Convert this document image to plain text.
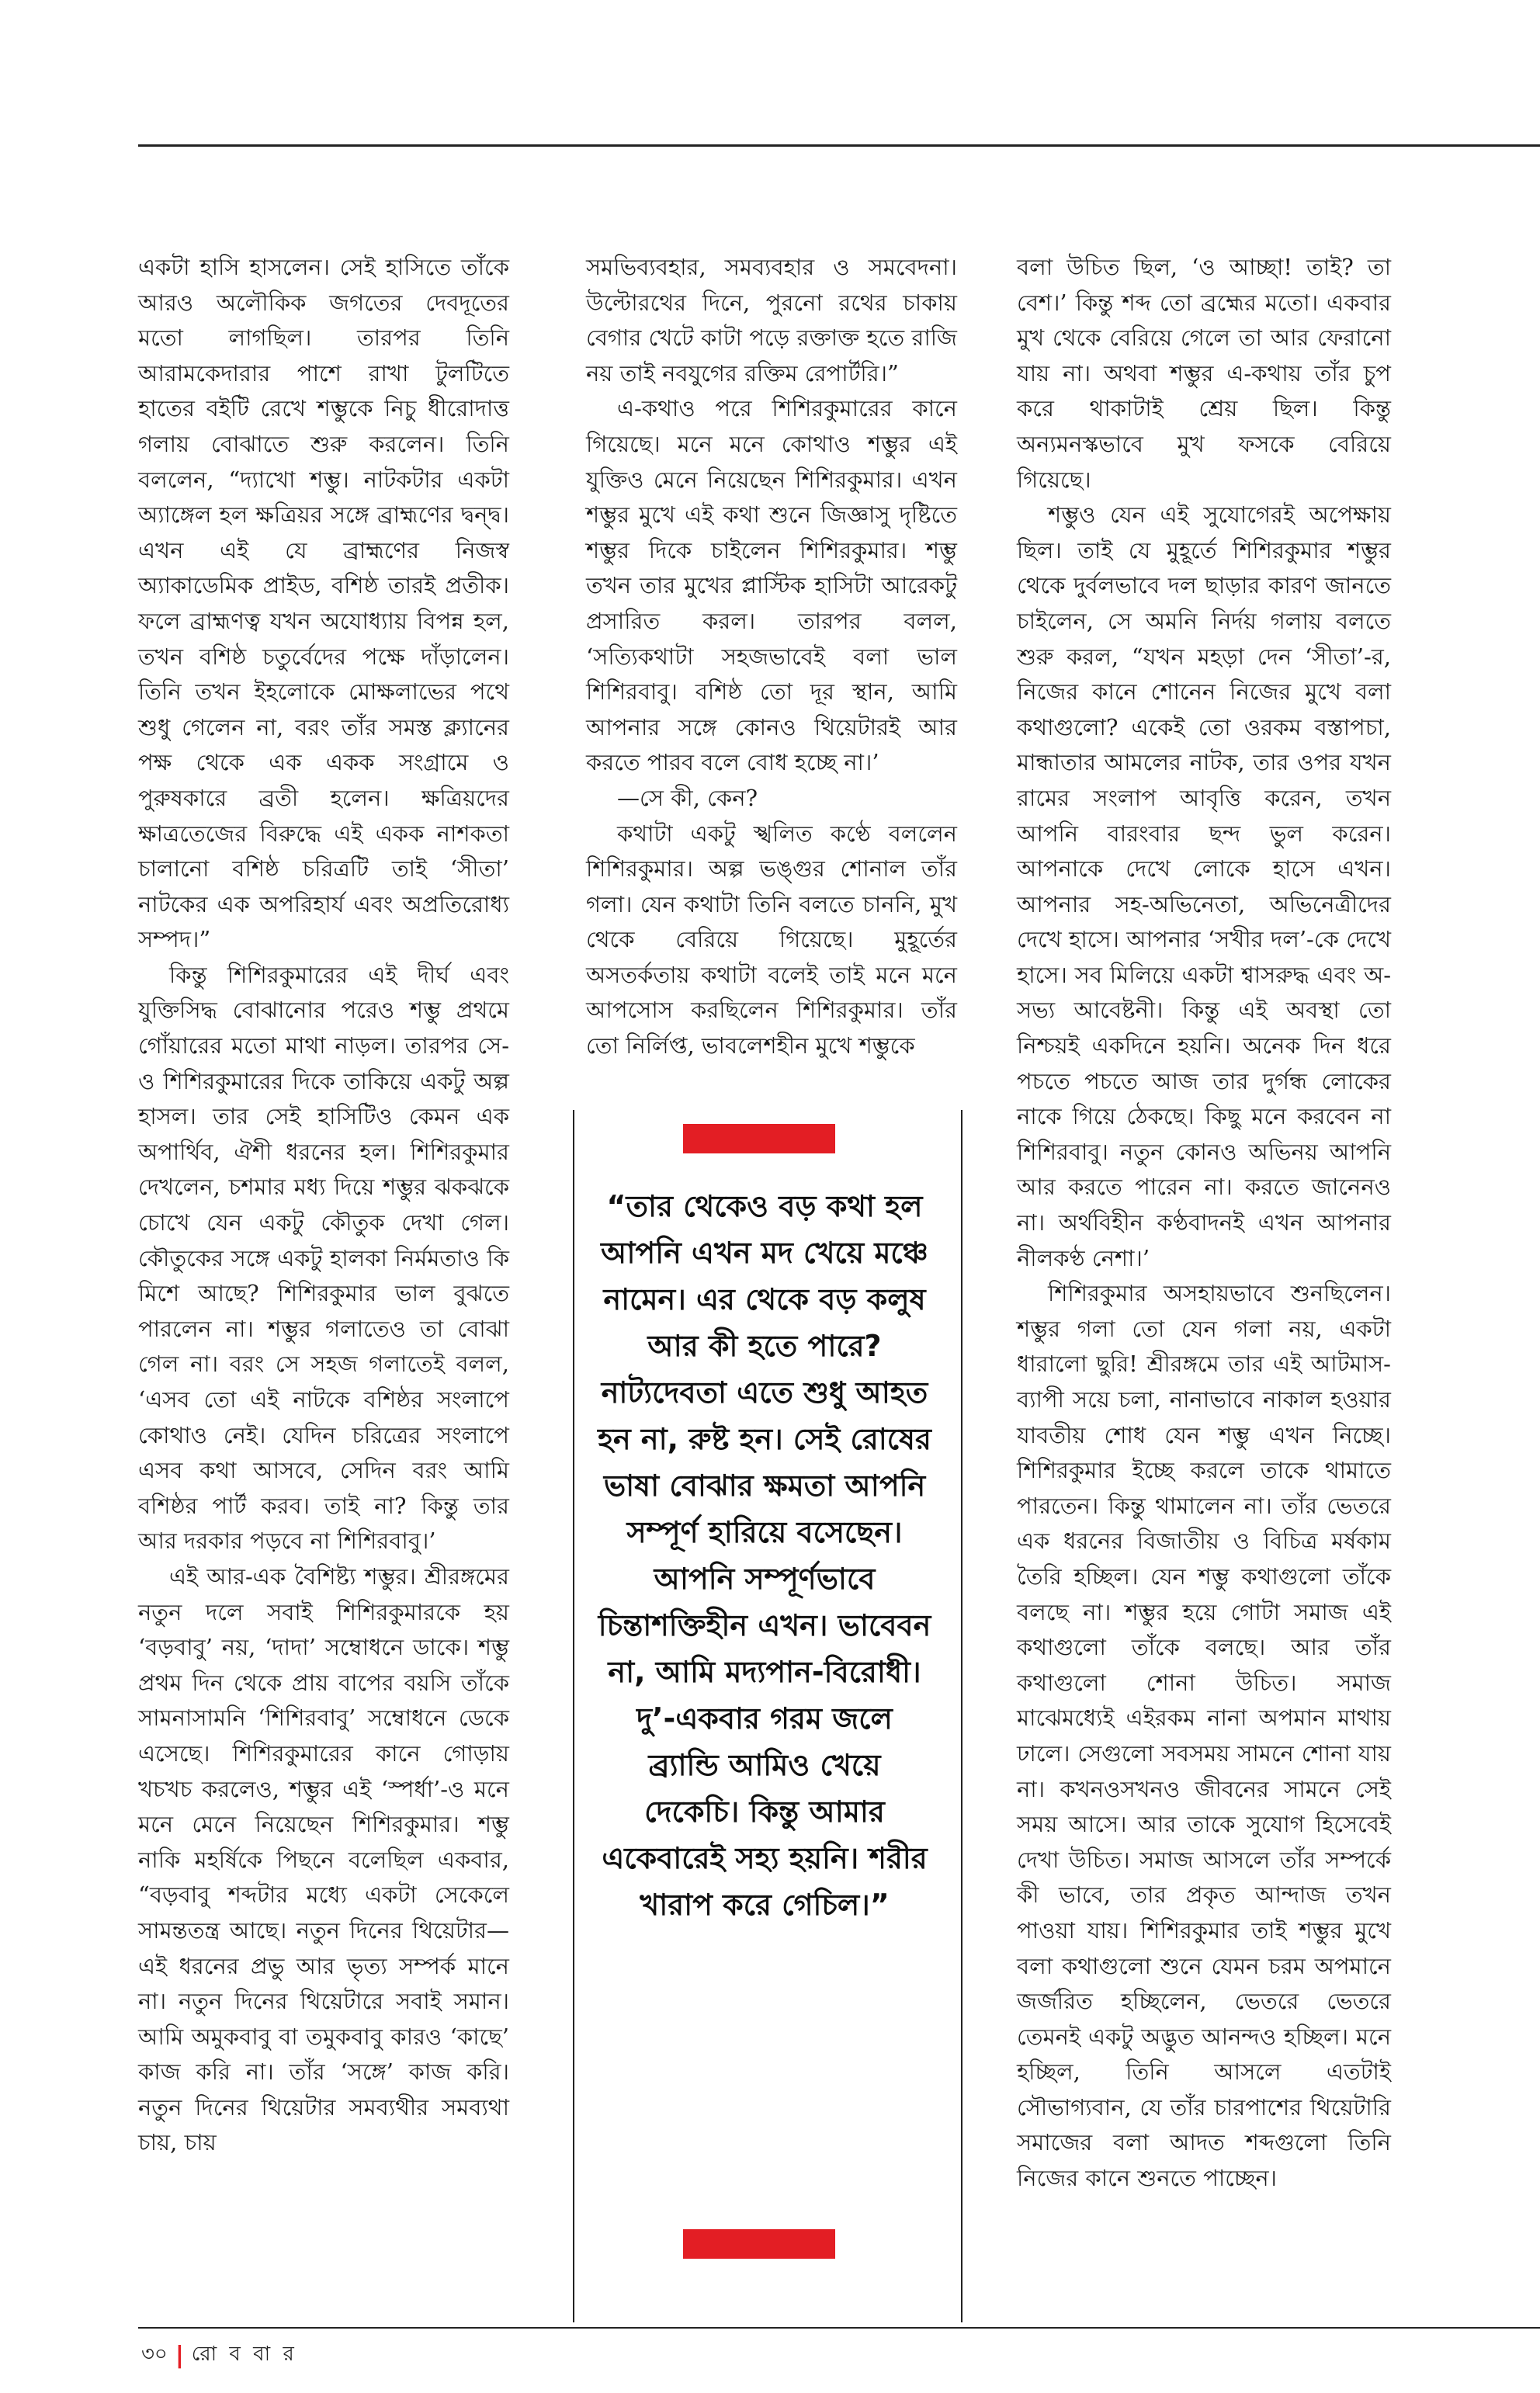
একটা হাসি হাসলেন। সেই হাসিতে তাঁকে আরও অলৌকিক জগতের দেবদূতের মতো লাগছিল। তারপর তিনি আরামকেদারার পাশে রাখা টুলটিতে হাতের বইটি রেখে শম্ভুকে নিচু ধীরোদাত্ত গলায় বোঝাতে শুরু করলেন। তিনি বললেন, “দ্যাখো শম্ভু। নাটকটার একটা অ্যাঙ্গেল হল ক্ষত্রিয়র সঙ্গে ব্রাহ্মণের দ্বন্দ্ব। এখন এই যে ব্রাহ্মণের নিজস্ব অ্যাকাডেমিক প্রাইড, বশিষ্ঠ তারই প্রতীক। ফলে ব্রাহ্মণত্ব যখন অযোধ্যায় বিপন্ন হল, তখন বশিষ্ঠ চতুর্বেদের পক্ষে দাঁড়ালেন। তিনি তখন ইহলোকে মোক্ষলাভের পথে শুধু গেলেন না, বরং তাঁর সমস্ত ক্ল্যানের পক্ষ থেকে এক একক সংগ্রামে ও পুরুষকারে ব্রতী হলেন। ক্ষত্রিয়দের ক্ষাত্রতেজের বিরুদ্ধে এই একক নাশকতা চালানো বশিষ্ঠ চরিত্রটি তাই ‘সীতা’ নাটকের এক অপরিহার্য এবং অপ্রতিরোধ্য সম্পদ।”

কিন্তু শিশিরকুমারের এই দীর্ঘ এবং যুক্তিসিদ্ধ বোঝানোর পরেও শম্ভু প্রথমে গোঁয়ারের মতো মাথা নাড়ল। তারপর সে-ও শিশিরকুমারের দিকে তাকিয়ে একটু অল্প হাসল। তার সেই হাসিটিও কেমন এক অপার্থিব, ঐশী ধরনের হল। শিশিরকুমার দেখলেন, চশমার মধ্য দিয়ে শম্ভুর ঝকঝকে চোখে যেন একটু কৌতুক দেখা গেল। কৌতুকের সঙ্গে একটু হালকা নির্মমতাও কি মিশে আছে? শিশিরকুমার ভাল বুঝতে পারলেন না। শম্ভুর গলাতেও তা বোঝা গেল না। বরং সে সহজ গলাতেই বলল, ‘এসব তো এই নাটকে বশিষ্ঠর সংলাপে কোথাও নেই। যেদিন চরিত্রের সংলাপে এসব কথা আসবে, সেদিন বরং আমি বশিষ্ঠর পার্ট করব। তাই না? কিন্তু তার আর দরকার পড়বে না শিশিরবাবু।’

এই আর-এক বৈশিষ্ট্য শম্ভুর। শ্রীরঙ্গমের নতুন দলে সবাই শিশিরকুমারকে হয় ‘বড়বাবু’ নয়, ‘দাদা’ সম্বোধনে ডাকে। শম্ভু প্রথম দিন থেকে প্রায় বাপের বয়সি তাঁকে সামনাসামনি ‘শিশিরবাবু’ সম্বোধনে ডেকে এসেছে। শিশিরকুমারের কানে গোড়ায় খচখচ করলেও, শম্ভুর এই ‘স্পর্ধা’-ও মনে মনে মেনে নিয়েছেন শিশিরকুমার। শম্ভু নাকি মহর্ষিকে পিছনে বলেছিল একবার, “বড়বাবু শব্দটার মধ্যে একটা সেকেলে সামন্ততন্ত্র আছে। নতুন দিনের থিয়েটার— এই ধরনের প্রভু আর ভৃত্য সম্পর্ক মানে না। নতুন দিনের থিয়েটারে সবাই সমান। আমি অমুকবাবু বা তমুকবাবু কারও ‘কাছে’ কাজ করি না। তাঁর ‘সঙ্গে’ কাজ করি। নতুন দিনের থিয়েটার সমব্যথীর সমব্যথা চায়, চায়

সমভিব্যবহার, সমব্যবহার ও সমবেদনা। উল্টোরথের দিনে, পুরনো রথের চাকায় বেগার খেটে কাটা পড়ে রক্তাক্ত হতে রাজি নয় তাই নবযুগের রক্তিম রেপার্টরি।”

এ-কথাও পরে শিশিরকুমারের কানে গিয়েছে। মনে মনে কোথাও শম্ভুর এই যুক্তিও মেনে নিয়েছেন শিশিরকুমার। এখন শম্ভুর মুখে এই কথা শুনে জিজ্ঞাসু দৃষ্টিতে শম্ভুর দিকে চাইলেন শিশিরকুমার। শম্ভু তখন তার মুখের প্লাস্টিক হাসিটা আরেকটু প্রসারিত করল। তারপর বলল, ‘সত্যিকথাটা সহজভাবেই বলা ভাল শিশিরবাবু। বশিষ্ঠ তো দূর স্থান, আমি আপনার সঙ্গে কোনও থিয়েটারই আর করতে পারব বলে বোধ হচ্ছে না।’

—সে কী, কেন?

কথাটা একটু স্খলিত কণ্ঠে বললেন শিশিরকুমার। অল্প ভঙ্গুর শোনাল তাঁর গলা। যেন কথাটা তিনি বলতে চাননি, মুখ থেকে বেরিয়ে গিয়েছে। মুহূর্তের অসতর্কতায় কথাটা বলেই তাই মনে মনে আপসোস করছিলেন শিশিরকুমার। তাঁর তো নির্লিপ্ত, ভাবলেশহীন মুখে শম্ভুকে

“তার থেকেও বড় কথা হল আপনি এখন মদ খেয়ে মঞ্চে নামেন। এর থেকে বড় কলুষ আর কী হতে পারে? নাট্যদেবতা এতে শুধু আহত হন না, রুষ্ট হন। সেই রোষের ভাষা বোঝার ক্ষমতা আপনি সম্পূর্ণ হারিয়ে বসেছেন। আপনি সম্পূর্ণভাবে চিন্তাশক্তিহীন এখন। ভাবেবন না, আমি মদ্যপান-বিরোধী। দু’-একবার গরম জলে ব্র্যান্ডি আমিও খেয়ে দেকেচি। কিন্তু আমার একেবারেই সহ্য হয়নি। শরীর খারাপ করে গেচিল।”

বলা উচিত ছিল, ‘ও আচ্ছা! তাই? তা বেশ।’ কিন্তু শব্দ তো ব্রহ্মের মতো। একবার মুখ থেকে বেরিয়ে গেলে তা আর ফেরানো যায় না। অথবা শম্ভুর এ-কথায় তাঁর চুপ করে থাকাটাই শ্রেয় ছিল। কিন্তু অন্যমনস্কভাবে মুখ ফসকে বেরিয়ে গিয়েছে।

শম্ভুও যেন এই সুযোগেরই অপেক্ষায় ছিল। তাই যে মুহূর্তে শিশিরকুমার শম্ভুর থেকে দুর্বলভাবে দল ছাড়ার কারণ জানতে চাইলেন, সে অমনি নির্দয় গলায় বলতে শুরু করল, “যখন মহড়া দেন ‘সীতা’-র, নিজের কানে শোনেন নিজের মুখে বলা কথাগুলো? একেই তো ওরকম বস্তাপচা, মান্ধাতার আমলের নাটক, তার ওপর যখন রামের সংলাপ আবৃত্তি করেন, তখন আপনি বারংবার ছন্দ ভুল করেন। আপনাকে দেখে লোকে হাসে এখন। আপনার সহ-অভিনেতা, অভিনেত্রীদের দেখে হাসে। আপনার ‘সখীর দল’-কে দেখে হাসে। সব মিলিয়ে একটা শ্বাসরুদ্ধ এবং অ-সভ্য আবেষ্টনী। কিন্তু এই অবস্থা তো নিশ্চয়ই একদিনে হয়নি। অনেক দিন ধরে পচতে পচতে আজ তার দুর্গন্ধ লোকের নাকে গিয়ে ঠেকছে। কিছু মনে করবেন না শিশিরবাবু। নতুন কোনও অভিনয় আপনি আর করতে পারেন না। করতে জানেনও না। অর্থবিহীন কণ্ঠবাদনই এখন আপনার নীলকণ্ঠ নেশা।’

শিশিরকুমার অসহায়ভাবে শুনছিলেন। শম্ভুর গলা তো যেন গলা নয়, একটা ধারালো ছুরি! শ্রীরঙ্গমে তার এই আটমাস-ব্যাপী সয়ে চলা, নানাভাবে নাকাল হওয়ার যাবতীয় শোধ যেন শম্ভু এখন নিচ্ছে। শিশিরকুমার ইচ্ছে করলে তাকে থামাতে পারতেন। কিন্তু থামালেন না। তাঁর ভেতরে এক ধরনের বিজাতীয় ও বিচিত্র মর্ষকাম তৈরি হচ্ছিল। যেন শম্ভু কথাগুলো তাঁকে বলছে না। শম্ভুর হয়ে গোটা সমাজ এই কথাগুলো তাঁকে বলছে। আর তাঁর কথাগুলো শোনা উচিত। সমাজ মাঝেমধ্যেই এইরকম নানা অপমান মাথায় ঢালে। সেগুলো সবসময় সামনে শোনা যায় না। কখনওসখনও জীবনের সামনে সেই সময় আসে। আর তাকে সুযোগ হিসেবেই দেখা উচিত। সমাজ আসলে তাঁর সম্পর্কে কী ভাবে, তার প্রকৃত আন্দাজ তখন পাওয়া যায়। শিশিরকুমার তাই শম্ভুর মুখে বলা কথাগুলো শুনে যেমন চরম অপমানে জর্জরিত হচ্ছিলেন, ভেতরে ভেতরে তেমনই একটু অদ্ভুত আনন্দও হচ্ছিল। মনে হচ্ছিল, তিনি আসলে এতটাই সৌভাগ্যবান, যে তাঁর চারপাশের থিয়েটারি সমাজের বলা আদত শব্দগুলো তিনি নিজের কানে শুনতে পাচ্ছেন।

৩০ | রো ব বা র
